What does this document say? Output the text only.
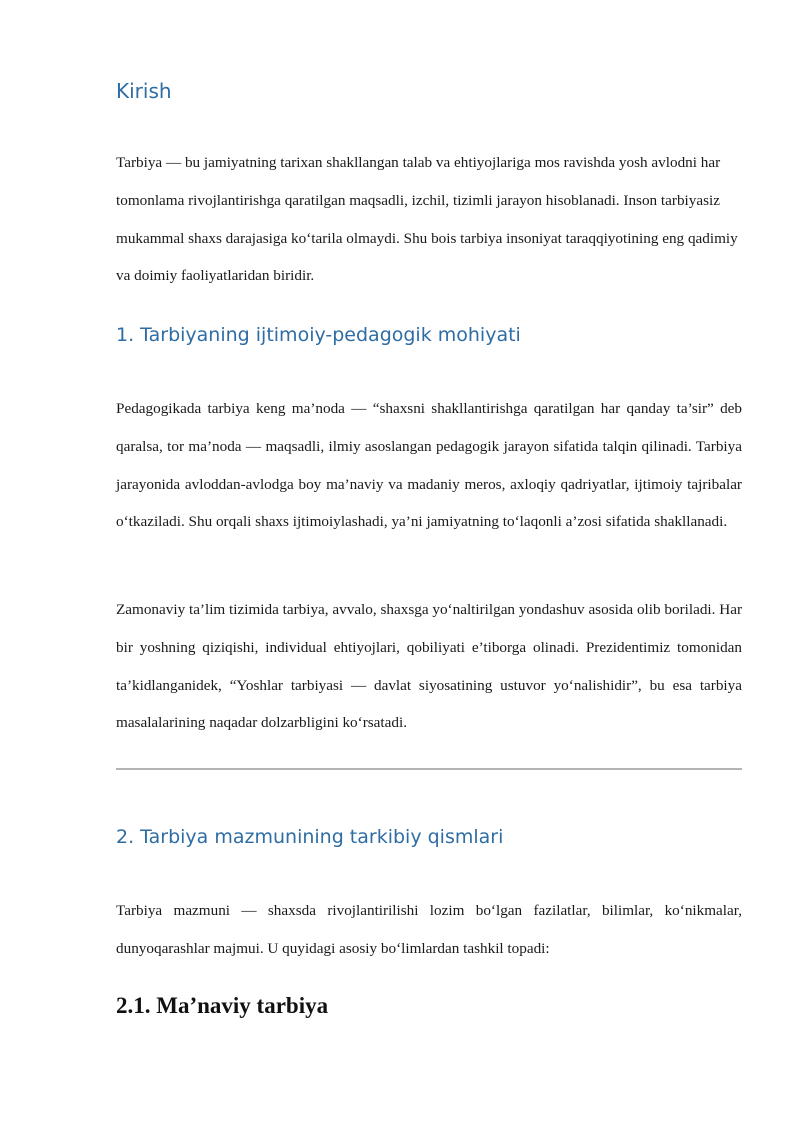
Kirish

Tarbiya — bu jamiyatning tarixan shakllangan talab va ehtiyojlariga mos ravishda yosh avlodni har tomonlama rivojlantirishga qaratilgan maqsadli, izchil, tizimli jarayon hisoblanadi. Inson tarbiyasiz mukammal shaxs darajasiga ko‘tarila olmaydi. Shu bois tarbiya insoniyat taraqqiyotining eng qadimiy va doimiy faoliyatlaridan biridir.

1. Tarbiyaning ijtimoiy-pedagogik mohiyati

Pedagogikada tarbiya keng ma’noda — “shaxsni shakllantirishga qaratilgan har qanday ta’sir” deb qaralsa, tor ma’noda — maqsadli, ilmiy asoslangan pedagogik jarayon sifatida talqin qilinadi. Tarbiya jarayonida avloddan-avlodga boy ma’naviy va madaniy meros, axloqiy qadriyatlar, ijtimoiy tajribalar o‘tkaziladi. Shu orqali shaxs ijtimoiylashadi, ya’ni jamiyatning to‘laqonli a’zosi sifatida shakllanadi.

Zamonaviy ta’lim tizimida tarbiya, avvalo, shaxsga yo‘naltirilgan yondashuv asosida olib boriladi. Har bir yoshning qiziqishi, individual ehtiyojlari, qobiliyati e’tiborga olinadi. Prezidentimiz tomonidan ta’kidlanganidek, “Yoshlar tarbiyasi — davlat siyosatining ustuvor yo‘nalishidir”, bu esa tarbiya masalalarining naqadar dolzarbligini ko‘rsatadi.

2. Tarbiya mazmunining tarkibiy qismlari

Tarbiya mazmuni — shaxsda rivojlantirilishi lozim bo‘lgan fazilatlar, bilimlar, ko‘nikmalar, dunyoqarashlar majmui. U quyidagi asosiy bo‘limlardan tashkil topadi:

2.1. Ma’naviy tarbiya
